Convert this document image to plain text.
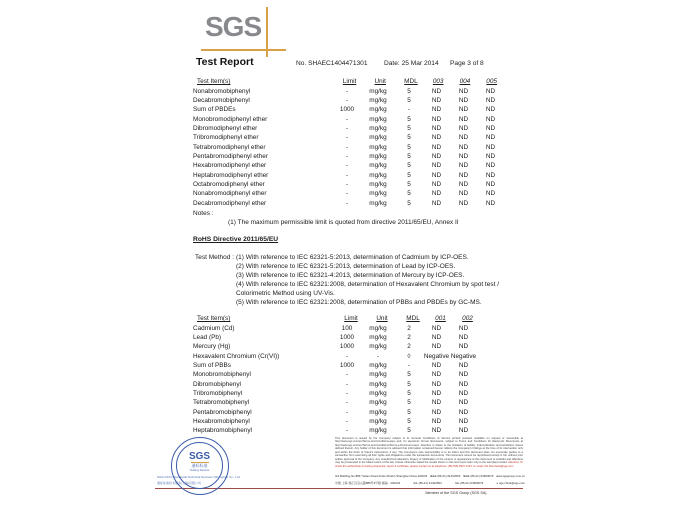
SGS
Test Report	No. SHAEC1404471301	Date: 25 Mar 2014 Page 3 of 8
Test Item(s)	Limit	Unit	MDL	003	004	005
Nonabromobiphenyl	-	mg/kg	5	ND	ND	ND
Decabromobiphenyl	-	mg/kg	5	ND	ND	ND
Sum of PBDEs	1000	mg/kg	-	ND	ND	ND
Monobromodiphenyl ether	-	mg/kg	5	ND	ND	ND
Dibromodiphenyl ether	-	mg/kg	5	ND	ND	ND
Tribromodiphenyl ether	-	mg/kg	5	ND	ND	ND
Tetrabromodiphenyl ether	-	mg/kg	5	ND	ND	ND
Pentabromodiphenyl ether	-	mg/kg	5	ND	ND	ND
Hexabromodiphenyl ether	-	mg/kg	5	ND	ND	ND
Heptabromodiphenyl ether	-	mg/kg	5	ND	ND	ND
Octabromodiphenyl ether	-	mg/kg	5	ND	ND	ND
Nonabromodiphenyl ether	-	mg/kg	5	ND	ND	ND
Decabromodiphenyl ether	-	mg/kg	5	ND	ND	ND
Notes :
(1) The maximum permissible limit is quoted from directive 2011/65/EU, Annex II
RoHS Directive 2011/65/EU
Test Method : (1) With reference to IEC 62321-5:2013, determination of Cadmium by ICP-OES.
(2) With reference to IEC 62321-5:2013, determination of Lead by ICP-OES.
(3) With reference to IEC 62321-4:2013, determination of Mercury by ICP-OES.
(4) With reference to IEC 62321:2008, determination of Hexavalent Chromium by spot test /
Colorimetric Method using UV-Vis.
(5) With reference to IEC 62321:2008, determination of PBBs and PBDEs by GC-MS.
Test Item(s)	Limit	Unit	MDL	001	002
Cadmium (Cd)	100	mg/kg	2	ND	ND
Lead (Pb)	1000	mg/kg	2	ND	ND
Mercury (Hg)	1000	mg/kg	2	ND	ND
Hexavalent Chromium (Cr(VI))	-	-	◊	Negative Negative
Sum of PBBs	1000	mg/kg	-	ND	ND
Monobromobiphenyl	-	mg/kg	5	ND	ND
Dibromobiphenyl	-	mg/kg	5	ND	ND
Tribromobiphenyl	-	mg/kg	5	ND	ND
Tetrabromobiphenyl	-	mg/kg	5	ND	ND
Pentabromobiphenyl	-	mg/kg	5	ND	ND
Hexabromobiphenyl	-	mg/kg	5	ND	ND
Heptabromobiphenyl	-	mg/kg	5	ND	ND
SGS-CSTC Standards Technical Services (Shanghai) Co., Ltd.
通标标准技术服务(上海)有限公司
SGS
通标标准
Testing Service
This document is issued by the Company subject to its General Conditions of Service printed overleaf, available on request or accessible at http://www.sgs.com/en/Terms-and-Conditions.aspx and, for electronic format documents, subject to Terms and Conditions for Electronic Documents at http://www.sgs.com/en/Terms-and-Conditions/Terms-e-Document.aspx. Attention is drawn to the limitation of liability, indemnification and jurisdiction issues defined therein. Any holder of this document is advised that information contained hereon reflects the Company's findings at the time of its intervention only and within the limits of Client's instructions, if any. The Company's sole responsibility is to its Client and this document does not exonerate parties to a transaction from exercising all their rights and obligations under the transaction documents. This document cannot be reproduced except in full, without prior written approval of the Company. Any unauthorized alteration, forgery or falsification of the content or appearance of this document is unlawful and offenders may be prosecuted to the fullest extent of the law. Unless otherwise stated the results shown in this test report refer only to the sample(s) tested. Attention: To check the authenticity of testing /inspection report & certificate, please contact us at telephone: (86-755) 8307 1443, or email: CN.Doccheck@sgs.com
3rd Building,No.889 Yishan Road Xuhui District Shanghai China 200233 tE&E (86-21) 61402553 fE&E (86-21) 64953679 www.sgsgroup.com.cn
中国·上海·徐汇区宜山路889号3号楼 邮编：200233	tHL (86-21) 61402594	fHL (86-21) 64953679	e sgs.china@sgs.com
Member of the SGS Group (SGS SA)
